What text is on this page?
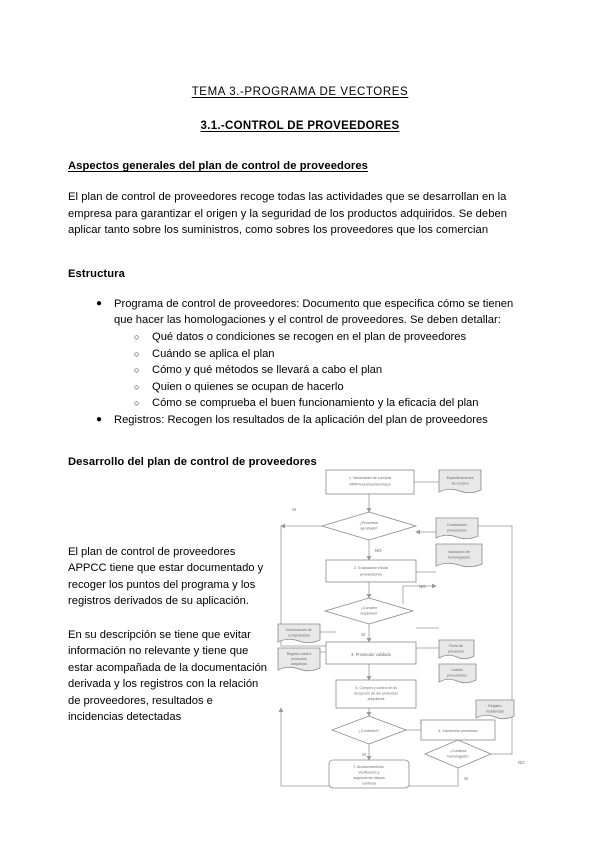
TEMA 3.-PROGRAMA DE VECTORES
3.1.-CONTROL DE PROVEEDORES
Aspectos generales del plan de control de proveedores

El plan de control de proveedores recoge todas las actividades que se desarrollan en la empresa para garantizar el origen y la seguridad de los productos adquiridos. Se deben aplicar tanto sobre los suministros, como sobres los proveedores que los comercian

Estructura
● Programa de control de proveedores: Documento que especifica cómo se tienen que hacer las homologaciones y el control de proveedores. Se deben detallar:
○ Qué datos o condiciones se recogen en el plan de proveedores
○ Cuándo se aplica el plan
○ Cómo y qué métodos se llevará a cabo el plan
○ Quien o quienes se ocupan de hacerlo
○ Cómo se comprueba el buen funcionamiento y la eficacia del plan
● Registros: Recogen los resultados de la aplicación del plan de proveedores
Desarrollo del plan de control de proveedores

El plan de control de proveedores APPCC tiene que estar documentado y recoger los puntos del programa y los registros derivados de su aplicación.

En su descripción se tiene que evitar información no relevante y tiene que estar acompañada de la documentación derivada y los registros con la relación de proveedores, resultados e incidencias detectadas

1. Necesidad de compra
MP/Productos/Servicios
Especificaciones
de compra
¿Proveedor
aprobado?
SI
NO
Cuestionario
proveedores
Valoración de
homologación
2. Evaluación inicial
proveedores
¿Cumplen
requisitos?
NO
SI
3. Proveedor validado
Ficha de
proveedor
Listado
proveedores
Instrucciones de
comprobación
Registro control
productos
adquiridos
4. Compra y control en la
recepción de los productos
adquiridos
¿Conforme?
SI
Registro
incidencias
6. Incidencia proveedor
7. Almacenamiento,
Verificación y
seguimiento mejora
continua
¿Continua
homologado?
NO
SI
